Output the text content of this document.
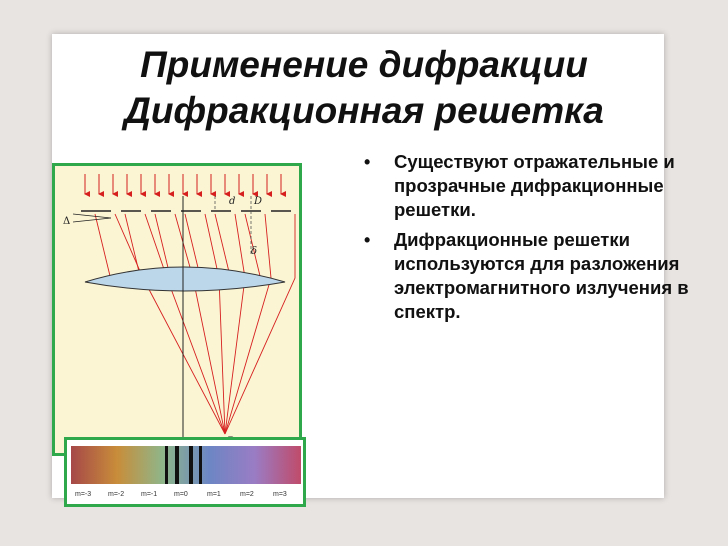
Применение дифракции
Дифракционная решетка
Δ
d D
δ
m=-3 m=-2 m=-1 m=0	m=1	m=2	m=3
• Существуют отражательные и прозрачные дифракционные решетки.
• Дифракционные решетки используются для разложения электромагнитного излучения в спектр.
